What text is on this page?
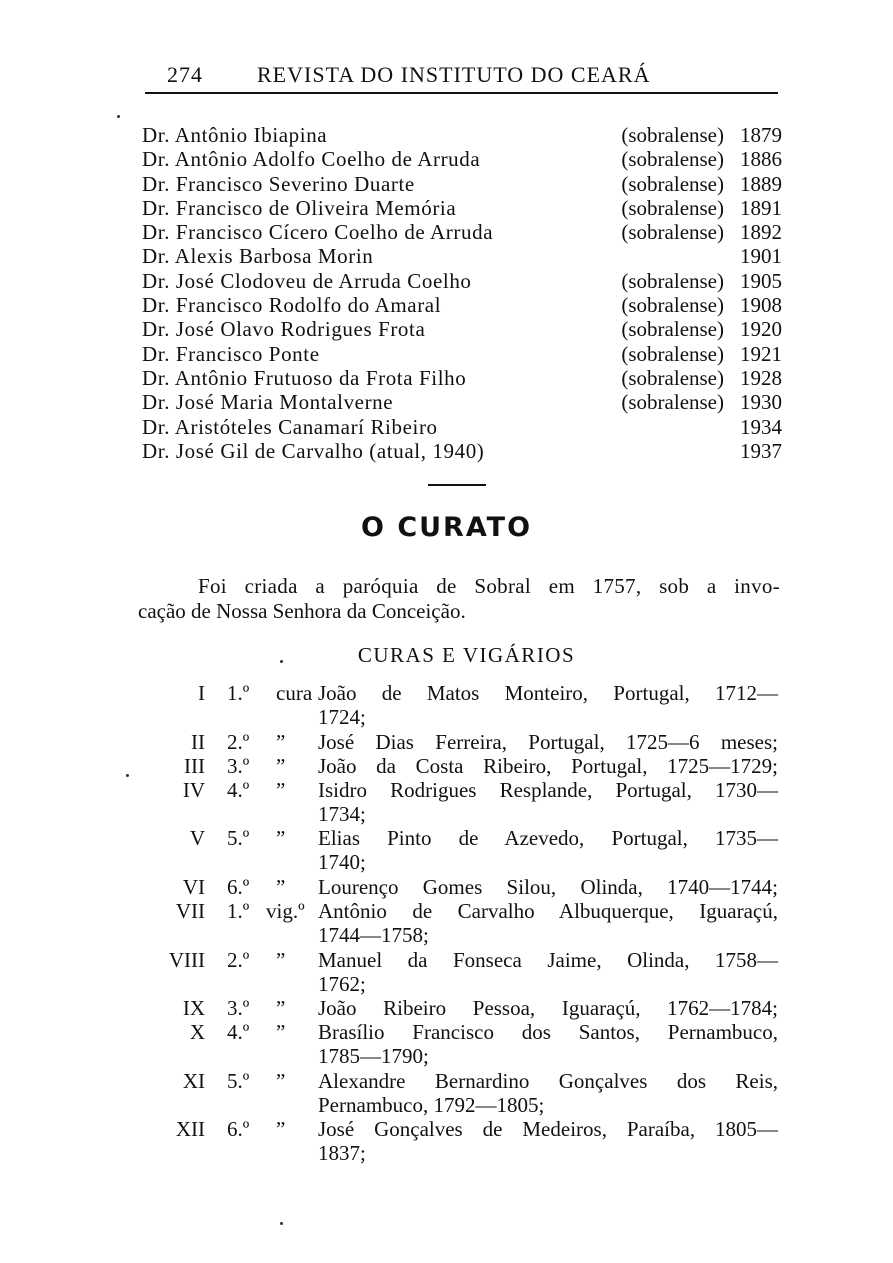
274 REVISTA DO INSTITUTO DO CEARÁ
Dr. Antônio Ibiapina	(sobralense) 1879
Dr. Antônio Adolfo Coelho de Arruda	(sobralense) 1886
Dr. Francisco Severino Duarte	(sobralense) 1889
Dr. Francisco de Oliveira Memória	(sobralense) 1891
Dr. Francisco Cícero Coelho de Arruda	(sobralense) 1892
Dr. Alexis Barbosa Morin	1901
Dr. José Clodoveu de Arruda Coelho	(sobralense) 1905
Dr. Francisco Rodolfo do Amaral	(sobralense) 1908
Dr. José Olavo Rodrigues Frota	(sobralense) 1920
Dr. Francisco Ponte	(sobralense) 1921
Dr. Antônio Frutuoso da Frota Filho	(sobralense) 1928
Dr. José Maria Montalverne	(sobralense) 1930
Dr. Aristóteles Canamarí Ribeiro	1934
Dr. José Gil de Carvalho (atual, 1940)	1937
O CURATO
Foi criada a paróquia de Sobral em 1757, sob a invo-
cação de Nossa Senhora da Conceição.
CURAS E VIGÁRIOS
I 1.º cura João de Matos Monteiro, Portugal, 1712—
1724;
II 2.º ” José Dias Ferreira, Portugal, 1725—6 meses;
III 3.º ” João da Costa Ribeiro, Portugal, 1725—1729;
IV 4.º ” Isidro Rodrigues Resplande, Portugal, 1730—
1734;
V 5.º ” Elias Pinto de Azevedo, Portugal, 1735—
1740;
VI 6.º ” Lourenço Gomes Silou, Olinda, 1740—1744;
VII 1.º vig.º Antônio de Carvalho Albuquerque, Iguaraçú,
1744—1758;
VIII 2.º ” Manuel da Fonseca Jaime, Olinda, 1758—
1762;
IX 3.º ” João Ribeiro Pessoa, Iguaraçú, 1762—1784;
X 4.º ” Brasílio Francisco dos Santos, Pernambuco,
1785—1790;
XI 5.º ” Alexandre Bernardino Gonçalves dos Reis,
Pernambuco, 1792—1805;
XII 6.º ” José Gonçalves de Medeiros, Paraíba, 1805—
1837;
